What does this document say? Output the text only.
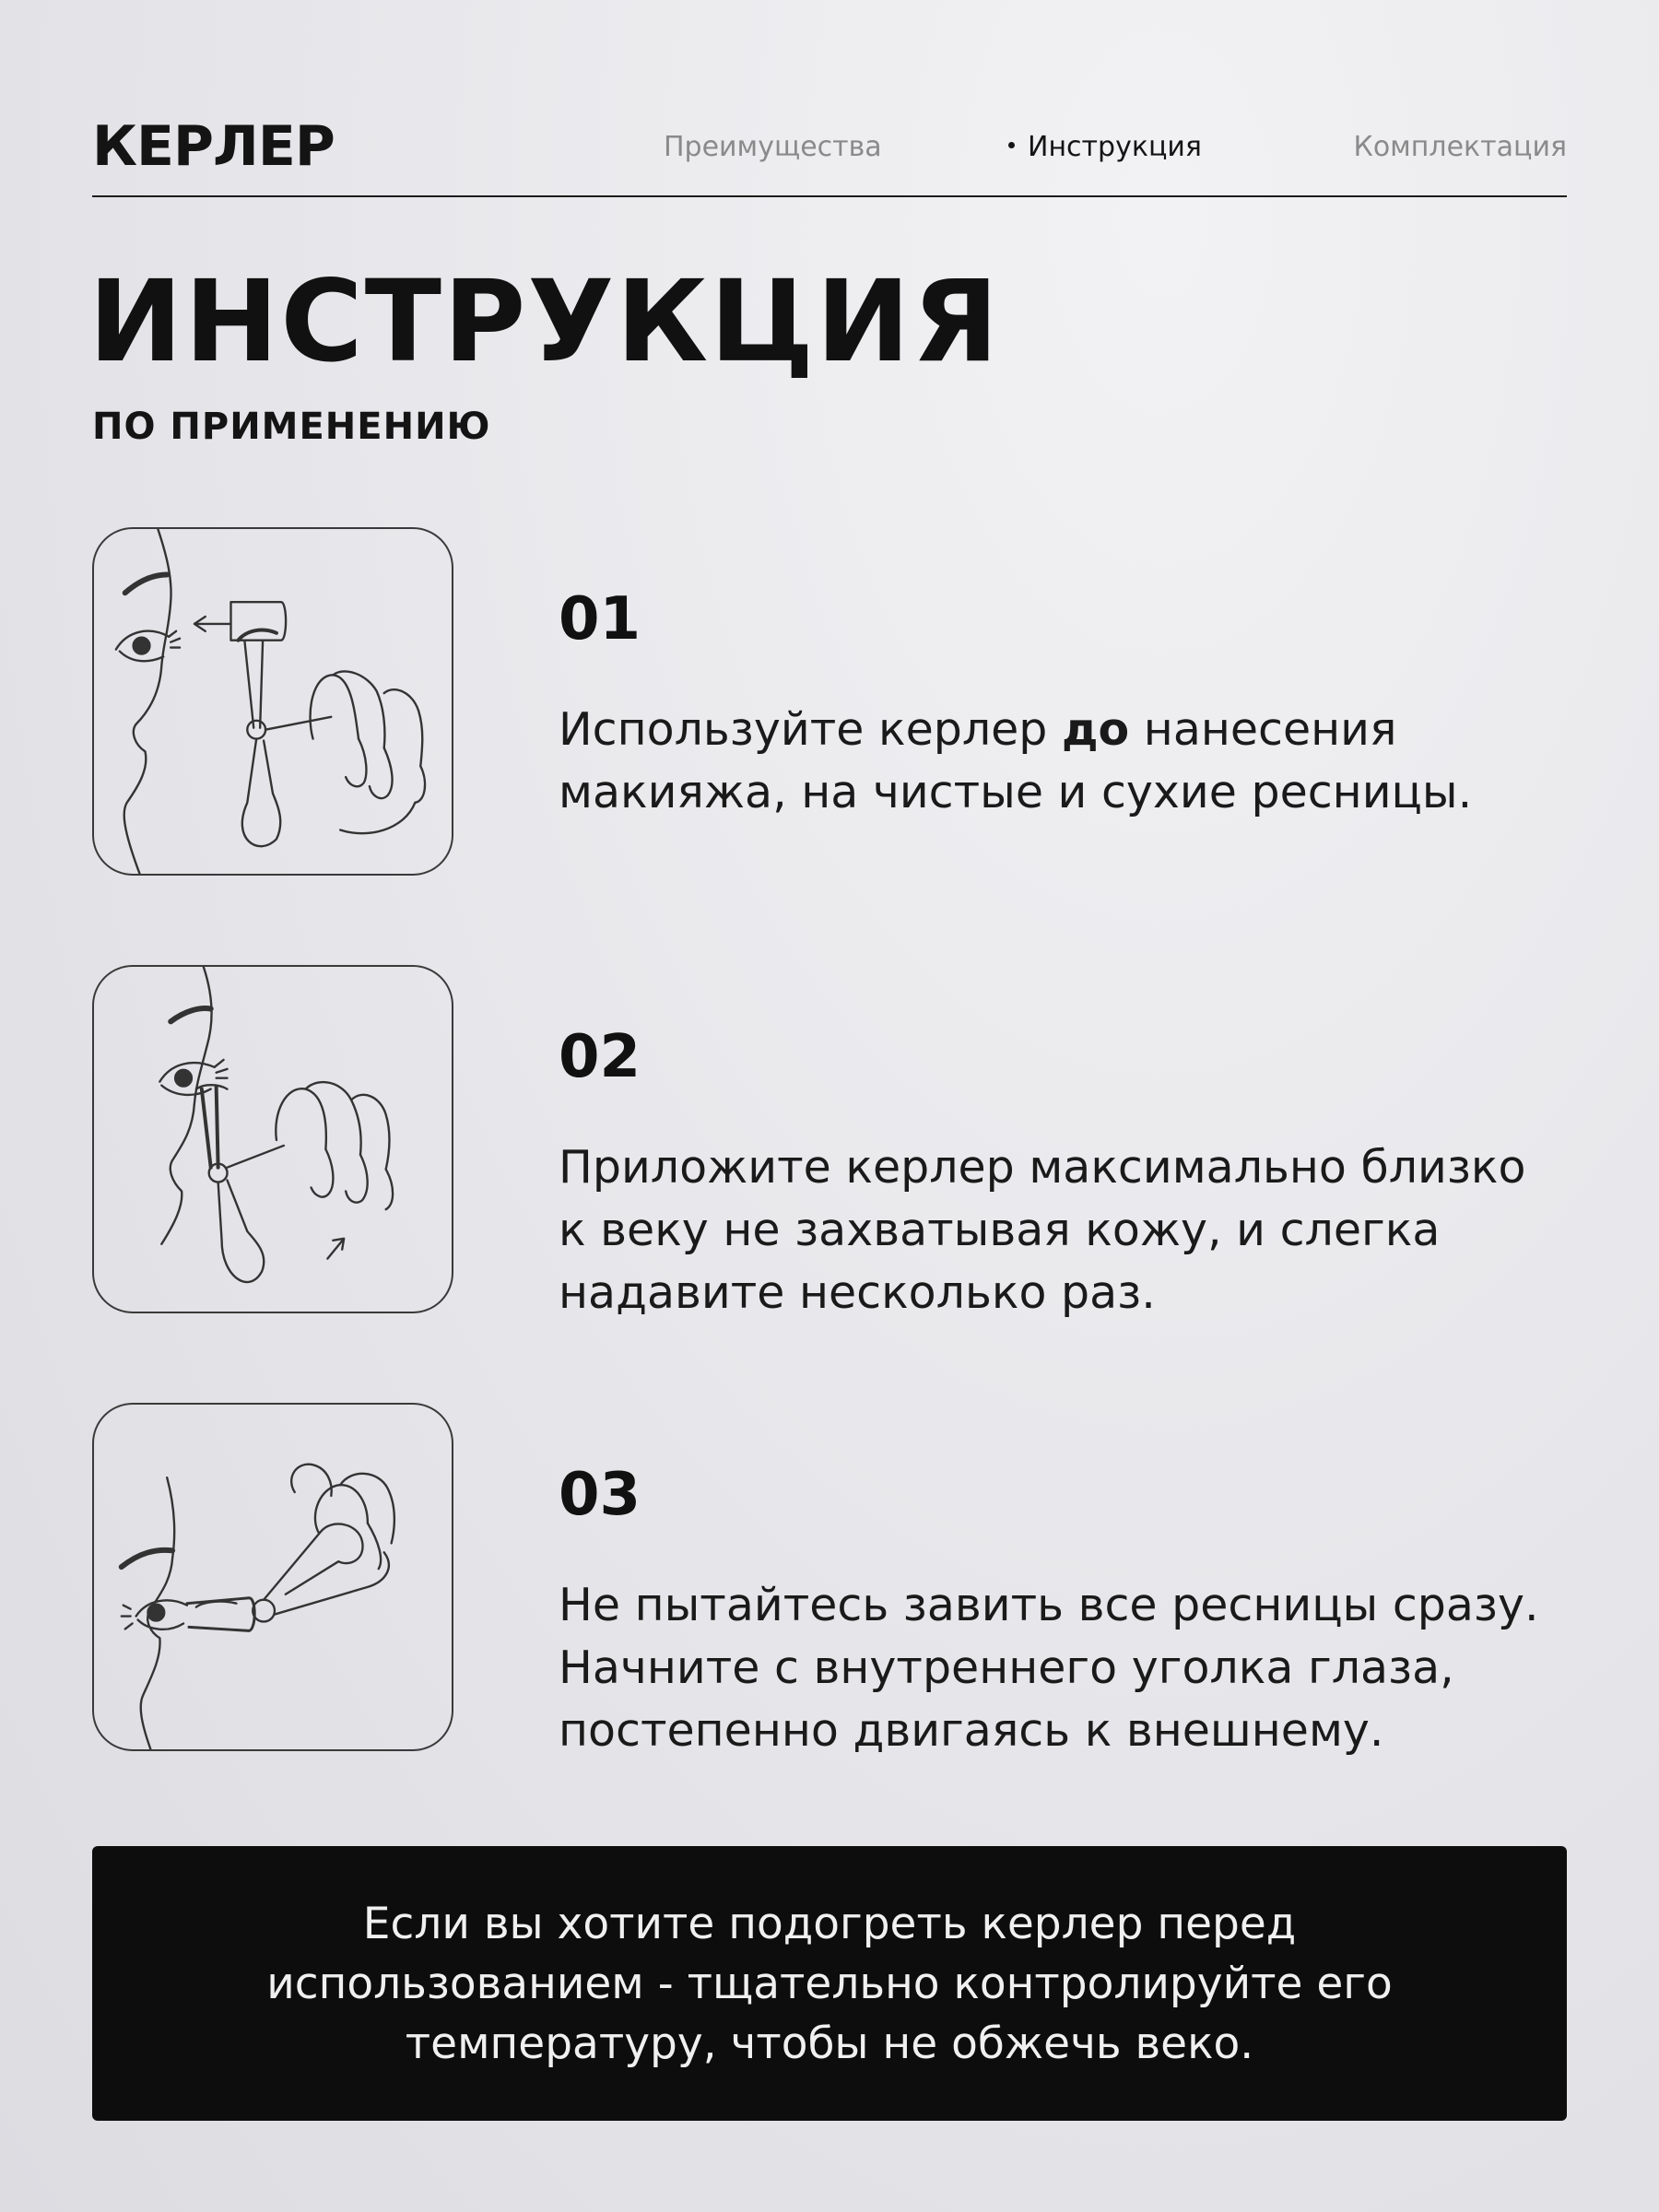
КЕРЛЕР	Преимущества	Инструкция	Комплектация
ИНСТРУКЦИЯ
ПО ПРИМЕНЕНИЮ
01
Используйте керлер до нанесения макияжа, на чистые и сухие ресницы.
02
Приложите керлер максимально близко к веку не захватывая кожу, и слегка надавите несколько раз.
03
Не пытайтесь завить все ресницы сразу. Начните с внутреннего уголка глаза, постепенно двигаясь к внешнему.
Если вы хотите подогреть керлер перед использованием - тщательно контролируйте его температуру, чтобы не обжечь веко.
